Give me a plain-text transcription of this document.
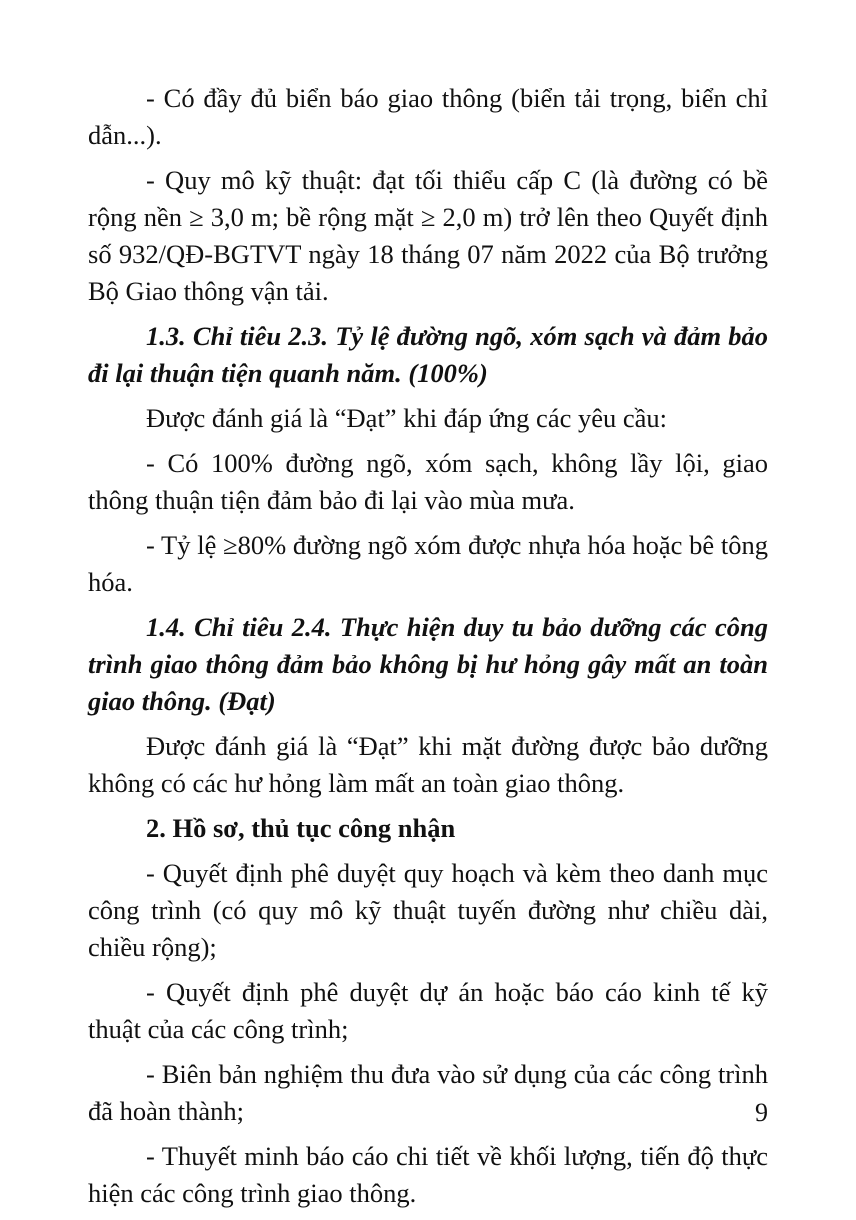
- Có đầy đủ biển báo giao thông (biển tải trọng, biển chỉ dẫn...).

- Quy mô kỹ thuật: đạt tối thiểu cấp C (là đường có bề rộng nền ≥ 3,0 m; bề rộng mặt ≥ 2,0 m) trở lên theo Quyết định số 932/QĐ-BGTVT ngày 18 tháng 07 năm 2022 của Bộ trưởng Bộ Giao thông vận tải.

1.3. Chỉ tiêu 2.3. Tỷ lệ đường ngõ, xóm sạch và đảm bảo đi lại thuận tiện quanh năm. (100%)

Được đánh giá là “Đạt” khi đáp ứng các yêu cầu:

- Có 100% đường ngõ, xóm sạch, không lầy lội, giao thông thuận tiện đảm bảo đi lại vào mùa mưa.

- Tỷ lệ ≥80% đường ngõ xóm được nhựa hóa hoặc bê tông hóa.

1.4. Chỉ tiêu 2.4. Thực hiện duy tu bảo dưỡng các công trình giao thông đảm bảo không bị hư hỏng gây mất an toàn giao thông. (Đạt)

Được đánh giá là “Đạt” khi mặt đường được bảo dưỡng không có các hư hỏng làm mất an toàn giao thông.

2. Hồ sơ, thủ tục công nhận

- Quyết định phê duyệt quy hoạch và kèm theo danh mục công trình (có quy mô kỹ thuật tuyến đường như chiều dài, chiều rộng);

- Quyết định phê duyệt dự án hoặc báo cáo kinh tế kỹ thuật của các công trình;

- Biên bản nghiệm thu đưa vào sử dụng của các công trình đã hoàn thành;

- Thuyết minh báo cáo chi tiết về khối lượng, tiến độ thực hiện các công trình giao thông.

9
